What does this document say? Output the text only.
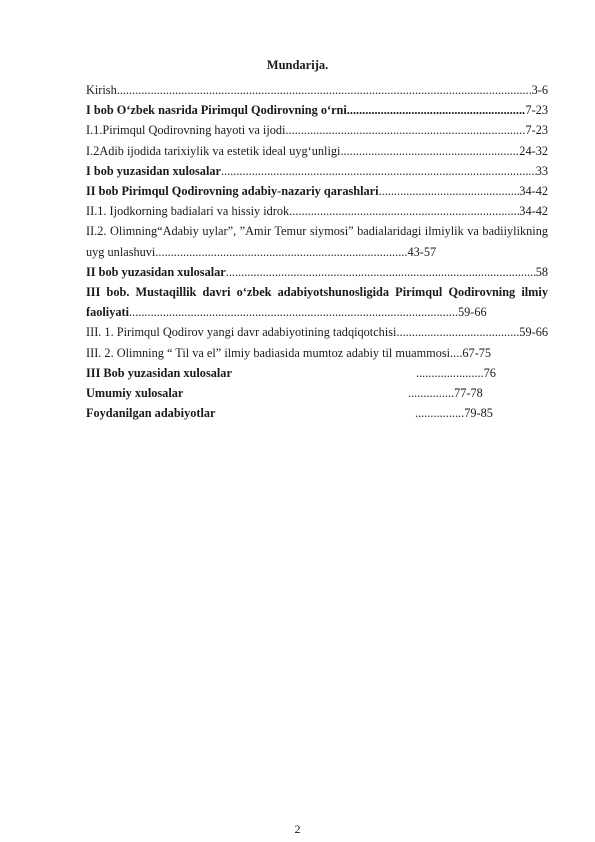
Mundarija.
Kirish .....	3-6
I bob O‘zbek nasrida Pirimqul Qodirovning o‘rni .....	7-23
I.1.Pirimqul Qodirovning hayoti va ijodi .....	7-23
I.2Adib ijodida tarixiylik va estetik ideal uyg‘unligi .....	24-32
I bob yuzasidan xulosalar .....	33
II bob Pirimqul Qodirovning adabiy-nazariy qarashlari .....	34-42
II.1. Ijodkorning badialari va hissiy idrok .....	34-42
II.2. Olimning“Adabiy uylar”, ”Amir Temur siymosi” badialaridagi ilmiylik va badiiylikning uyg unlashuvi..................................................................................43-57
II bob yuzasidan xulosalar .....	58
III bob. Mustaqillik davri o‘zbek adabiyotshunosligida Pirimqul Qodirovning ilmiy faoliyati...........................................................................................................59-66
III. 1. Pirimqul Qodirov yangi davr adabiyotining tadqiqotchisi .....	59-66
III. 2. Olimning “ Til va el” ilmiy badiasida mumtoz adabiy til muammosi....67-75
III Bob yuzasidan xulosalar	......................76
Umumiy xulosalar	...............77-78
Foydanilgan adabiyotlar	................79-85
2
